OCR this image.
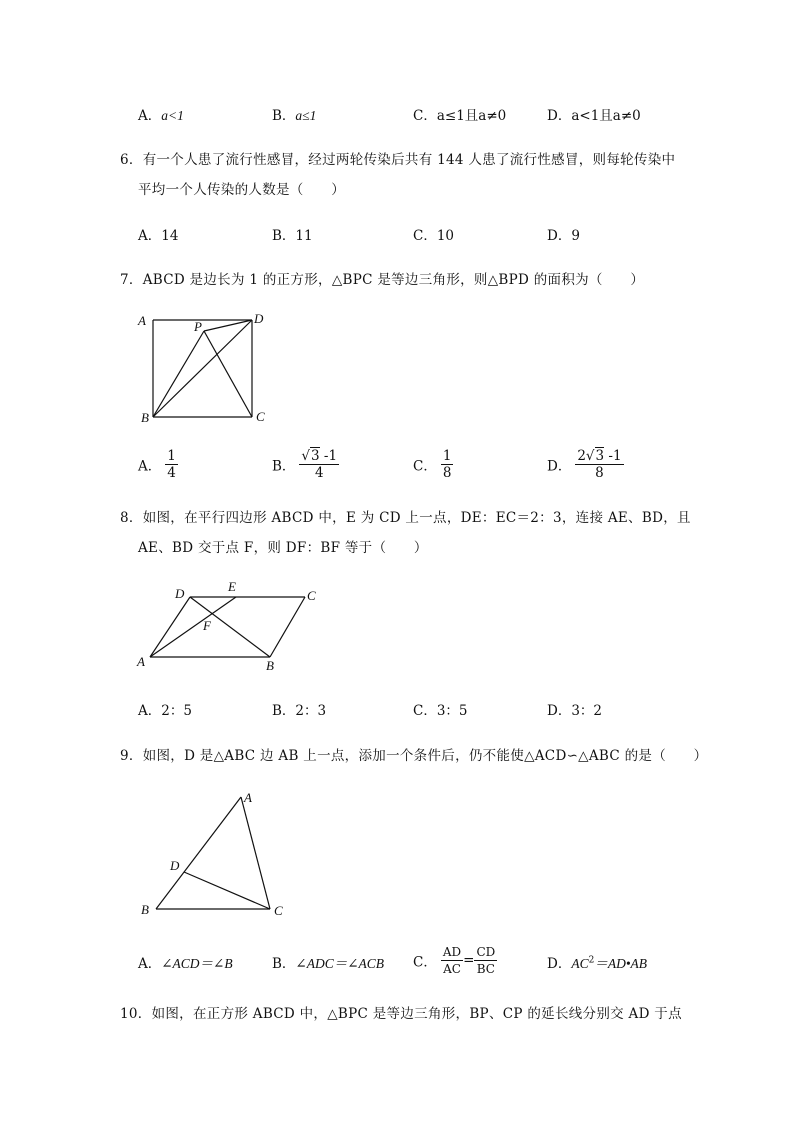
A．a<1	B．a≤1	C．a≤1且a≠0	D．a<1且a≠0
6．有一个人患了流行性感冒，经过两轮传染后共有 144 人患了流行性感冒，则每轮传染中
平均一个人传染的人数是（　　）
A．14	B．11	C．10	D．9
7．ABCD 是边长为 1 的正方形，△BPC 是等边三角形，则△BPD 的面积为（　　）
A	P
D
B	C
A． $\frac{1}{4}$	B． $\frac{√3 -1}{4}$	C． $\frac{1}{8}$	D． $\frac{2√3 -1}{8}$
8．如图，在平行四边形 ABCD 中，E 为 CD 上一点，DE：EC＝2：3，连接 AE、BD，且
AE、BD 交于点 F，则 DF：BF 等于（　　）
D	E
C
F
A	B
A．2：5	B．2：3	C．3：5	D．3：2
9．如图，D 是△ABC 边 AB 上一点，添加一个条件后，仍不能使△ACD∽△ABC 的是（　　）
A
D
B	C
A．∠ACD＝∠B	B．∠ADC＝∠ACB C． $\frac{AD}{AC} = \frac{CD}{BC}$	D．$AC^2=AD•AB$
10．如图，在正方形 ABCD 中，△BPC 是等边三角形，BP、CP 的延长线分别交 AD 于点
